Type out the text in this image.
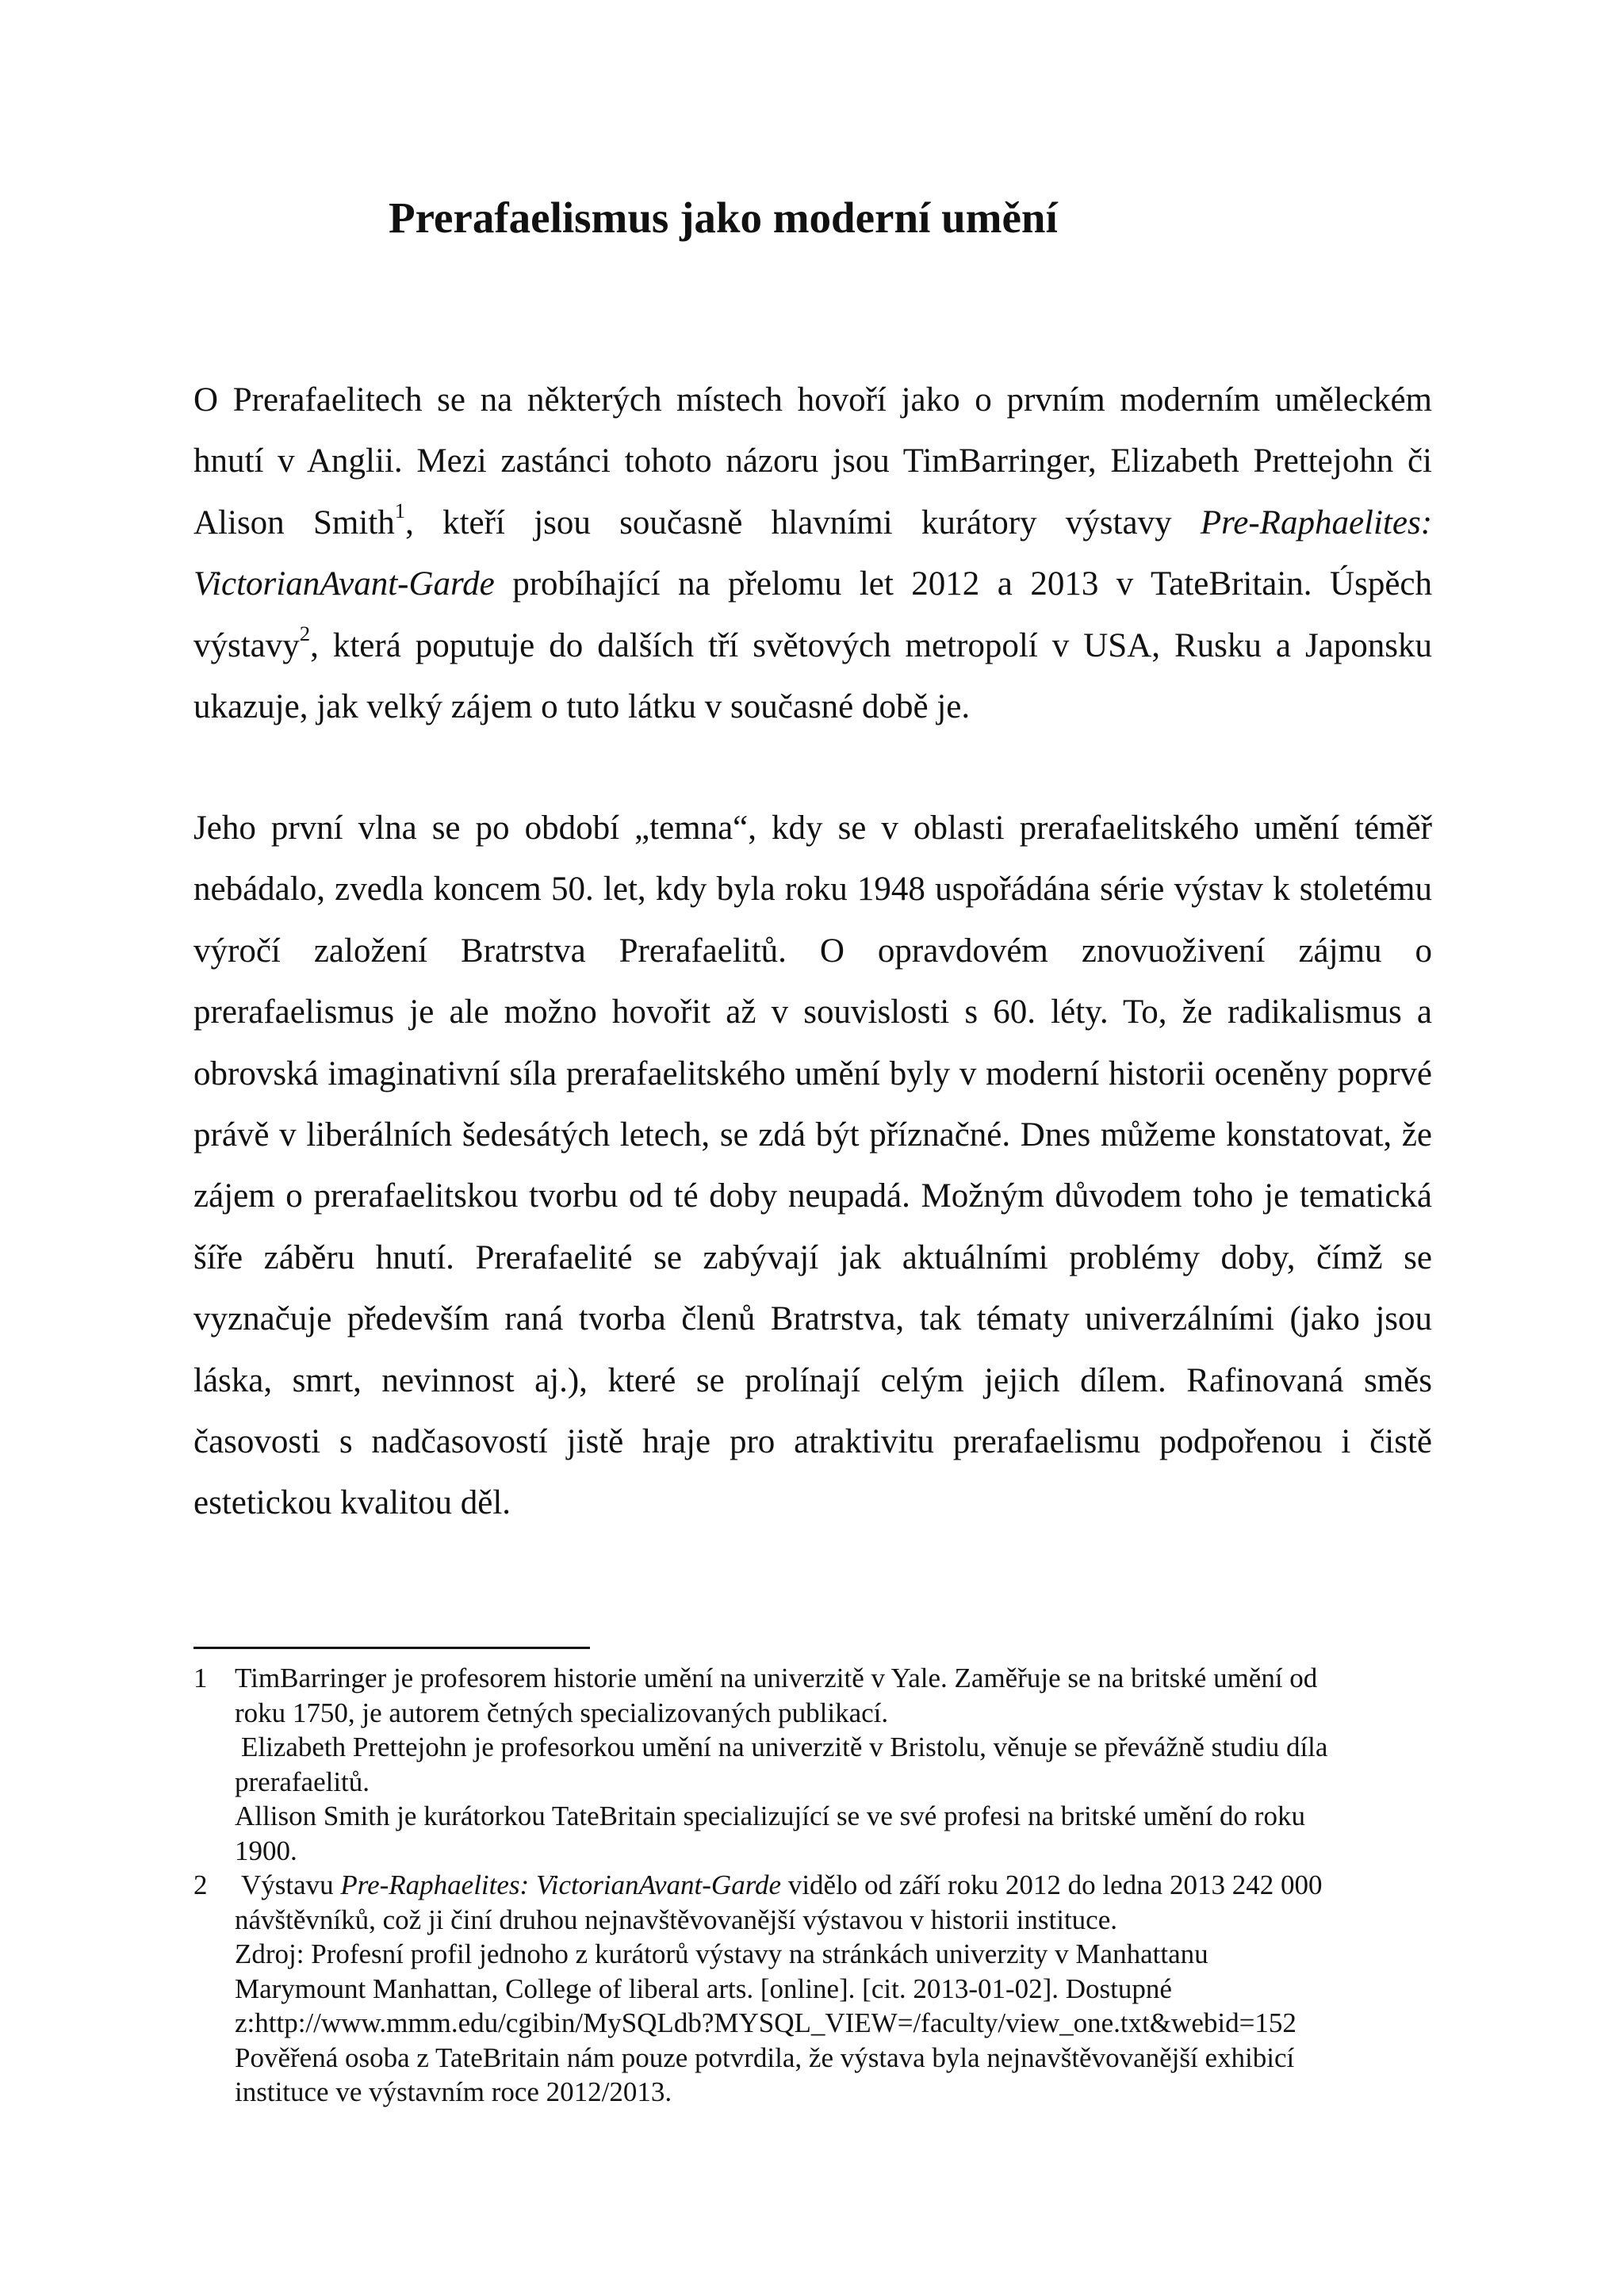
Prerafaelismus jako moderní umění

O Prerafaelitech se na některých místech hovoří jako o prvním moderním uměleckém hnutí v Anglii. Mezi zastánci tohoto názoru jsou TimBarringer, Elizabeth Prettejohn či Alison Smith$^1$, kteří jsou současně hlavními kurátory výstavy Pre-Raphaelites: VictorianAvant-Garde probíhající na přelomu let 2012 a 2013 v TateBritain. Úspěch výstavy$^2$, která poputuje do dalších tří světových metropolí v USA, Rusku a Japonsku ukazuje, jak velký zájem o tuto látku v současné době je.

Jeho první vlna se po období „temna“, kdy se v oblasti prerafaelitského umění téměř nebádalo, zvedla koncem 50. let, kdy byla roku 1948 uspořádána série výstav k stoletému výročí založení Bratrstva Prerafaelitů. O opravdovém znovuoživení zájmu o prerafaelismus je ale možno hovořit až v souvislosti s 60. léty. To, že radikalismus a obrovská imaginativní síla prerafaelitského umění byly v moderní historii oceněny poprvé právě v liberálních šedesátých letech, se zdá být příznačné. Dnes můžeme konstatovat, že zájem o prerafaelitskou tvorbu od té doby neupadá. Možným důvodem toho je tematická šíře záběru hnutí. Prerafaelité se zabývají jak aktuálními problémy doby, čímž se vyznačuje především raná tvorba členů Bratrstva, tak tématy univerzálními (jako jsou láska, smrt, nevinnost aj.), které se prolínají celým jejich dílem. Rafinovaná směs časovosti s nadčasovostí jistě hraje pro atraktivitu prerafaelismu podpořenou i čistě estetickou kvalitou děl.

1 TimBarringer je profesorem historie umění na univerzitě v Yale. Zaměřuje se na britské umění od
roku 1750, je autorem četných specializovaných publikací.
Elizabeth Prettejohn je profesorkou umění na univerzitě v Bristolu, věnuje se převážně studiu díla
prerafaelitů.
Allison Smith je kurátorkou TateBritain specializující se ve své profesi na britské umění do roku
1900.
2 Výstavu Pre-Raphaelites: VictorianAvant-Garde vidělo od září roku 2012 do ledna 2013 242 000
návštěvníků, což ji činí druhou nejnavštěvovanější výstavou v historii instituce.
Zdroj: Profesní profil jednoho z kurátorů výstavy na stránkách univerzity v Manhattanu
Marymount Manhattan, College of liberal arts. [online]. [cit. 2013-01-02]. Dostupné
z:http://www.mmm.edu/cgibin/MySQLdb?MYSQL_VIEW=/faculty/view_one.txt&webid=152
Pověřená osoba z TateBritain nám pouze potvrdila, že výstava byla nejnavštěvovanější exhibicí
instituce ve výstavním roce 2012/2013.
